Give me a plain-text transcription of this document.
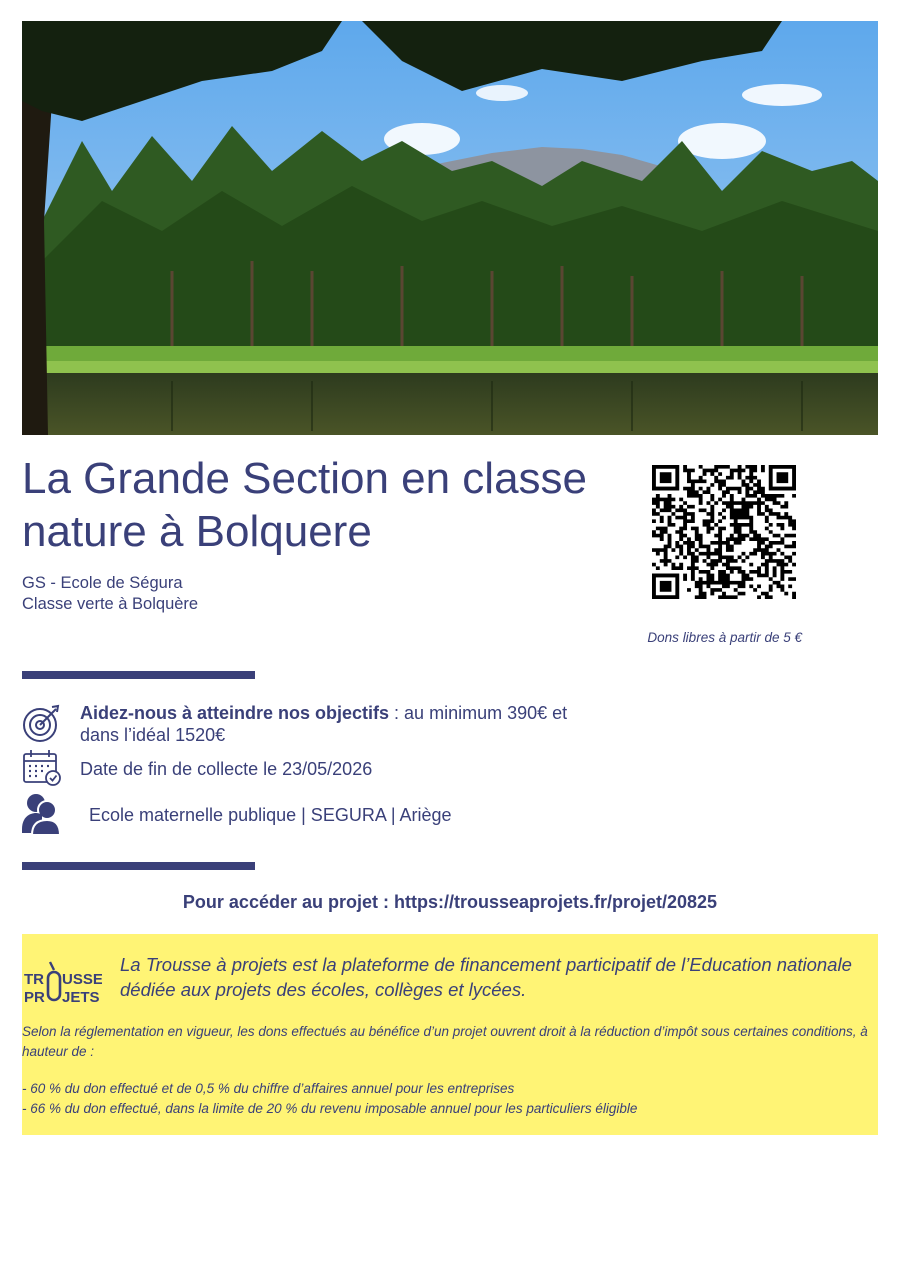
La Grande Section en classe nature à Bolquere
GS - Ecole de Ségura
Classe verte à Bolquère
Dons libres à partir de 5 €
Aidez-nous à atteindre nos objectifs : au minimum 390€ et dans l’idéal 1520€
Date de fin de collecte le 23/05/2026
Ecole maternelle publique | SEGURA | Ariège
Pour accéder au projet : https://trousseaprojets.fr/projet/20825
TR USSE
PR JETS
La Trousse à projets est la plateforme de financement participatif de l’Education nationale dédiée aux projets des écoles, collèges et lycées.

Selon la réglementation en vigueur, les dons effectués au bénéfice d’un projet ouvrent droit à la réduction d’impôt sous certaines conditions, à hauteur de :

- 60 % du don effectué et de 0,5 % du chiffre d’affaires annuel pour les entreprises

- 66 % du don effectué, dans la limite de 20 % du revenu imposable annuel pour les particuliers éligible
